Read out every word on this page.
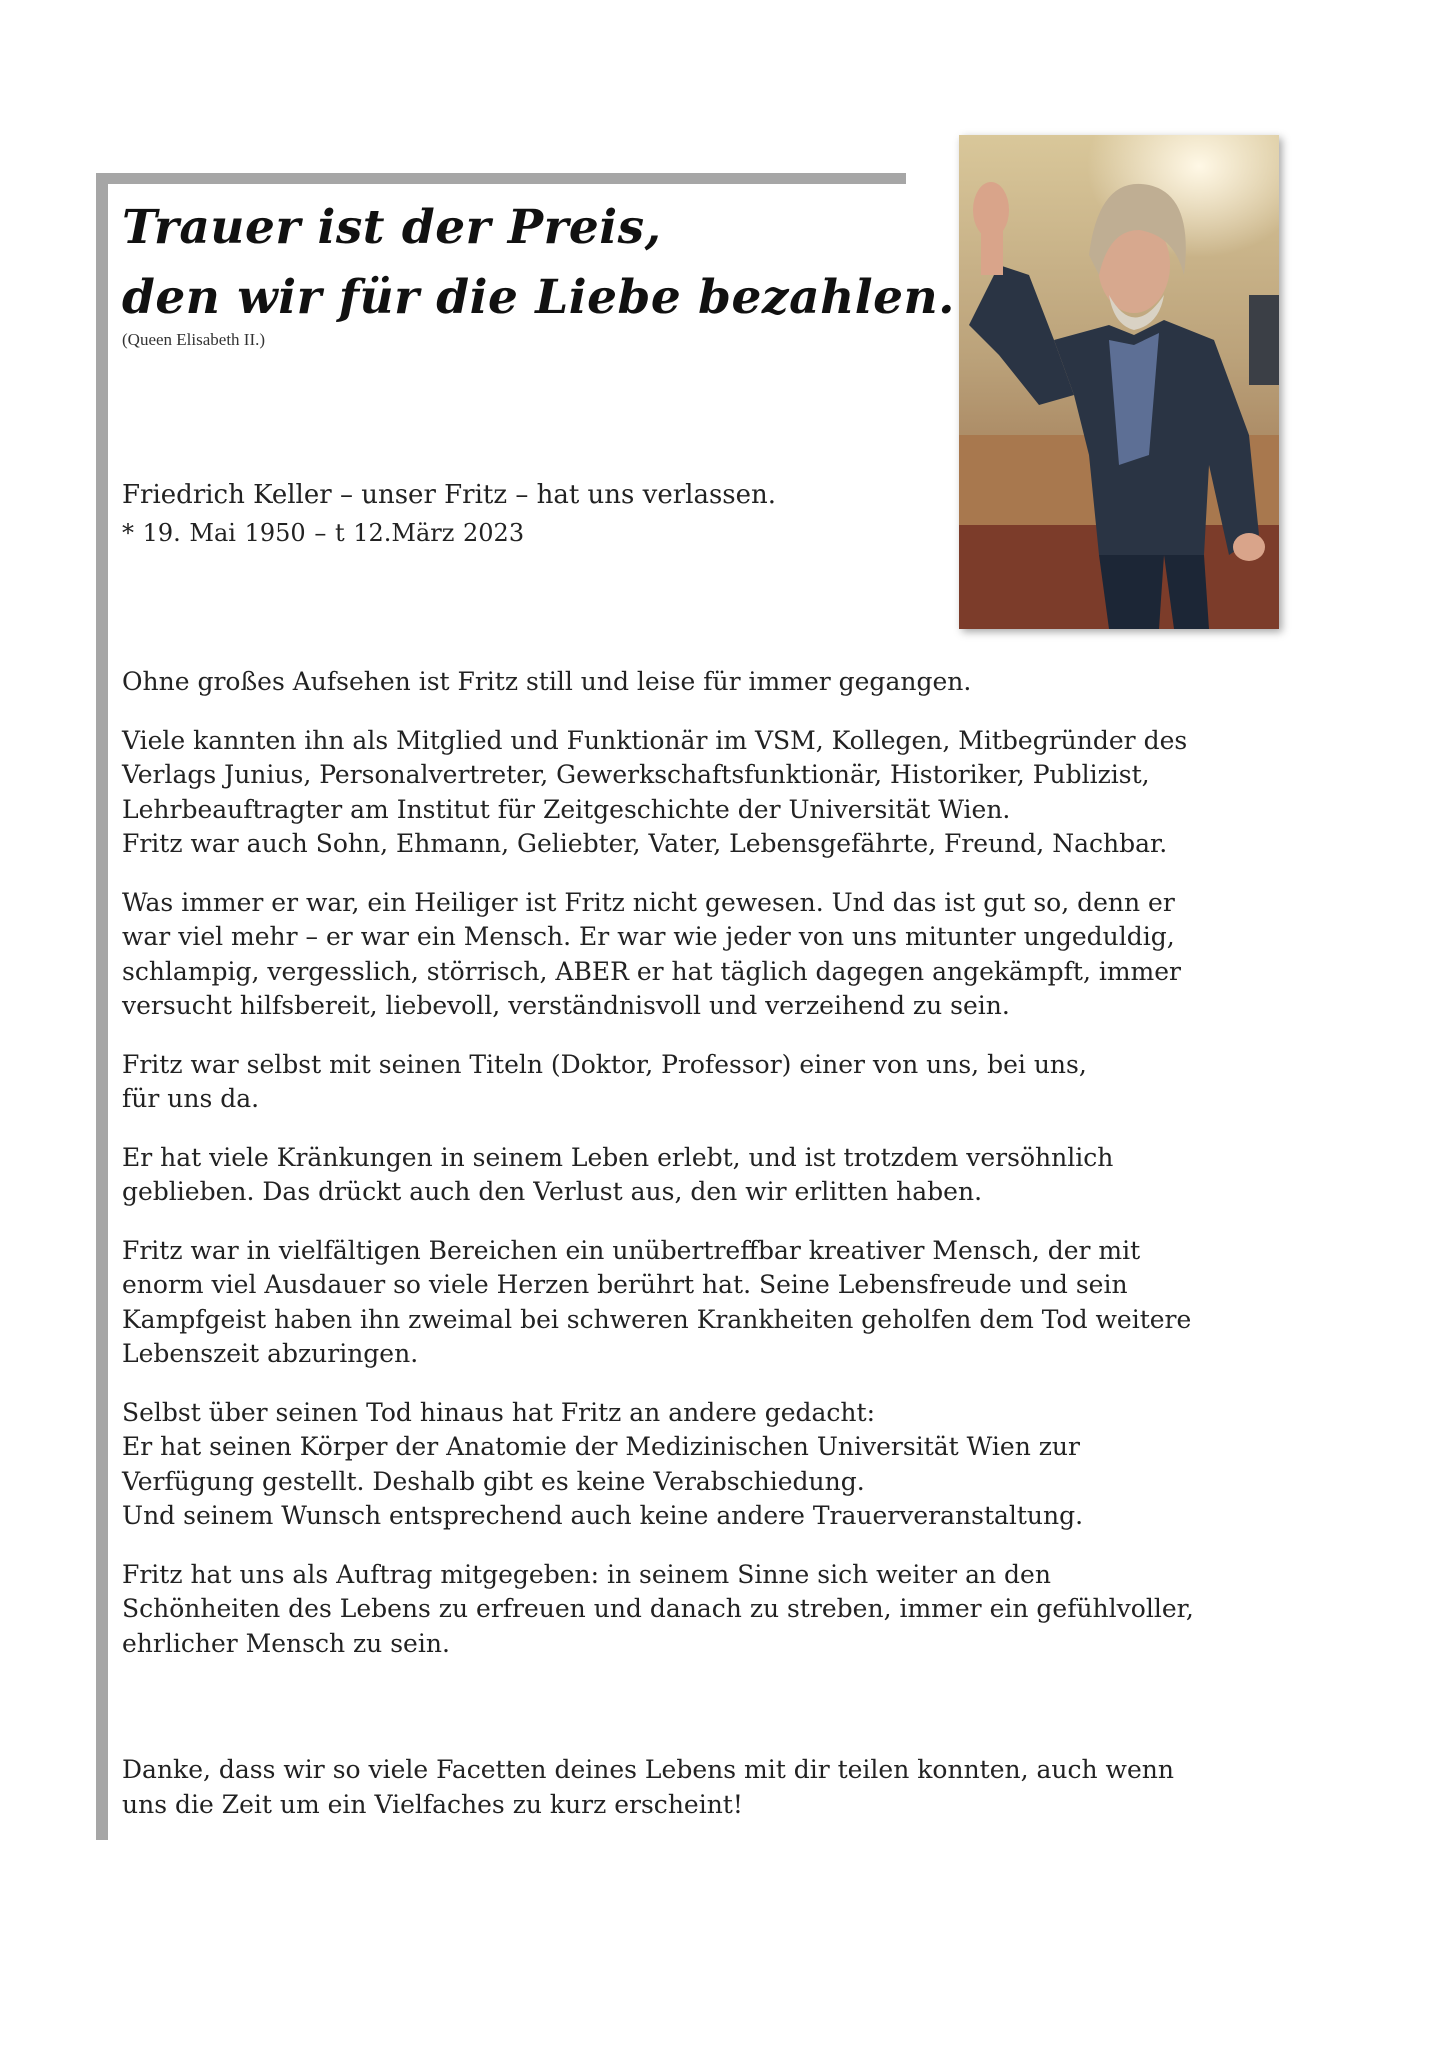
Trauer ist der Preis,
den wir für die Liebe bezahlen.
(Queen Elisabeth II.)
Friedrich Keller – unser Fritz – hat uns verlassen.
* 19. Mai 1950 – t 12.März 2023

Ohne großes Aufsehen ist Fritz still und leise für immer gegangen.

Viele kannten ihn als Mitglied und Funktionär im VSM, Kollegen, Mitbegründer des
Verlags Junius, Personalvertreter, Gewerkschaftsfunktionär, Historiker, Publizist,
Lehrbeauftragter am Institut für Zeitgeschichte der Universität Wien.
Fritz war auch Sohn, Ehmann, Geliebter, Vater, Lebensgefährte, Freund, Nachbar.

Was immer er war, ein Heiliger ist Fritz nicht gewesen. Und das ist gut so, denn er
war viel mehr – er war ein Mensch. Er war wie jeder von uns mitunter ungeduldig,
schlampig, vergesslich, störrisch, ABER er hat täglich dagegen angekämpft, immer
versucht hilfsbereit, liebevoll, verständnisvoll und verzeihend zu sein.

Fritz war selbst mit seinen Titeln (Doktor, Professor) einer von uns, bei uns,
für uns da.

Er hat viele Kränkungen in seinem Leben erlebt, und ist trotzdem versöhnlich
geblieben. Das drückt auch den Verlust aus, den wir erlitten haben.

Fritz war in vielfältigen Bereichen ein unübertreffbar kreativer Mensch, der mit
enorm viel Ausdauer so viele Herzen berührt hat. Seine Lebensfreude und sein
Kampfgeist haben ihn zweimal bei schweren Krankheiten geholfen dem Tod weitere
Lebenszeit abzuringen.

Selbst über seinen Tod hinaus hat Fritz an andere gedacht:
Er hat seinen Körper der Anatomie der Medizinischen Universität Wien zur
Verfügung gestellt. Deshalb gibt es keine Verabschiedung.
Und seinem Wunsch entsprechend auch keine andere Trauerveranstaltung.

Fritz hat uns als Auftrag mitgegeben: in seinem Sinne sich weiter an den
Schönheiten des Lebens zu erfreuen und danach zu streben, immer ein gefühlvoller,
ehrlicher Mensch zu sein.

Danke, dass wir so viele Facetten deines Lebens mit dir teilen konnten, auch wenn
uns die Zeit um ein Vielfaches zu kurz erscheint!
